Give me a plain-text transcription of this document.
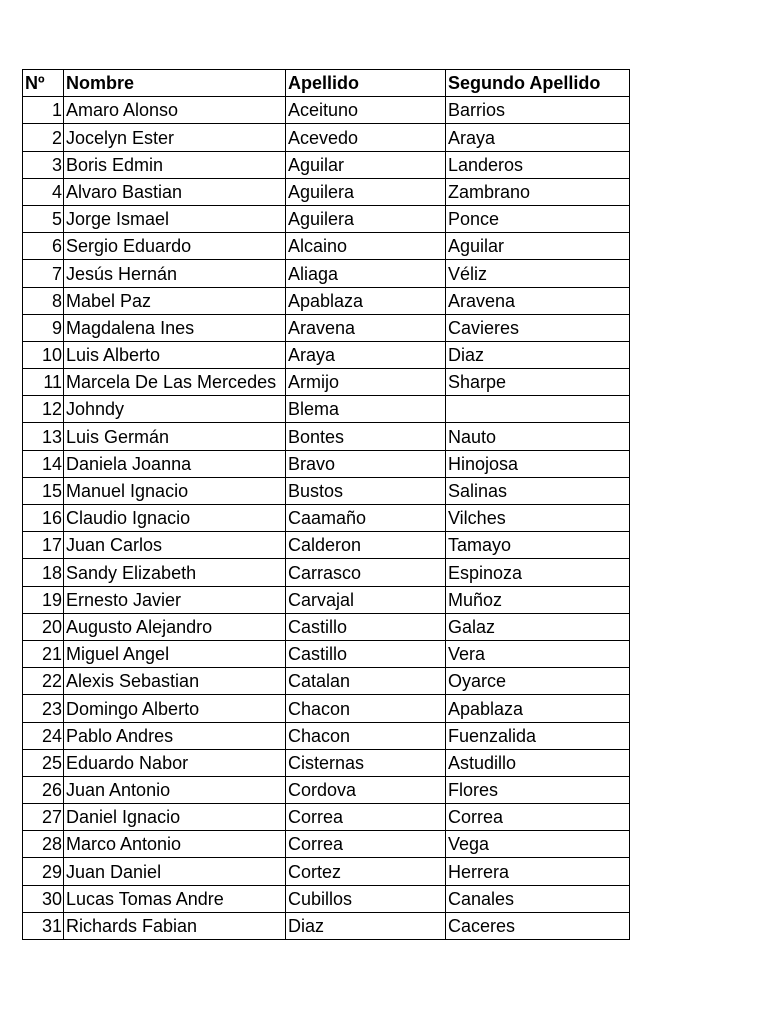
Nº	Nombre	Apellido	Segundo Apellido
1	Amaro Alonso	Aceituno	Barrios
2	Jocelyn Ester	Acevedo	Araya
3	Boris Edmin	Aguilar	Landeros
4	Alvaro Bastian	Aguilera	Zambrano
5	Jorge Ismael	Aguilera	Ponce
6	Sergio Eduardo	Alcaino	Aguilar
7	Jesús Hernán	Aliaga	Véliz
8	Mabel Paz	Apablaza	Aravena
9	Magdalena Ines	Aravena	Cavieres
10	Luis Alberto	Araya	Diaz
11	Marcela De Las Mercedes	Armijo	Sharpe
12	Johndy	Blema	
13	Luis Germán	Bontes	Nauto
14	Daniela Joanna	Bravo	Hinojosa
15	Manuel Ignacio	Bustos	Salinas
16	Claudio Ignacio	Caamaño	Vilches
17	Juan Carlos	Calderon	Tamayo
18	Sandy Elizabeth	Carrasco	Espinoza
19	Ernesto Javier	Carvajal	Muñoz
20	Augusto Alejandro	Castillo	Galaz
21	Miguel Angel	Castillo	Vera
22	Alexis Sebastian	Catalan	Oyarce
23	Domingo Alberto	Chacon	Apablaza
24	Pablo Andres	Chacon	Fuenzalida
25	Eduardo Nabor	Cisternas	Astudillo
26	Juan Antonio	Cordova	Flores
27	Daniel Ignacio	Correa	Correa
28	Marco Antonio	Correa	Vega
29	Juan Daniel	Cortez	Herrera
30	Lucas Tomas Andre	Cubillos	Canales
31	Richards Fabian	Diaz	Caceres
